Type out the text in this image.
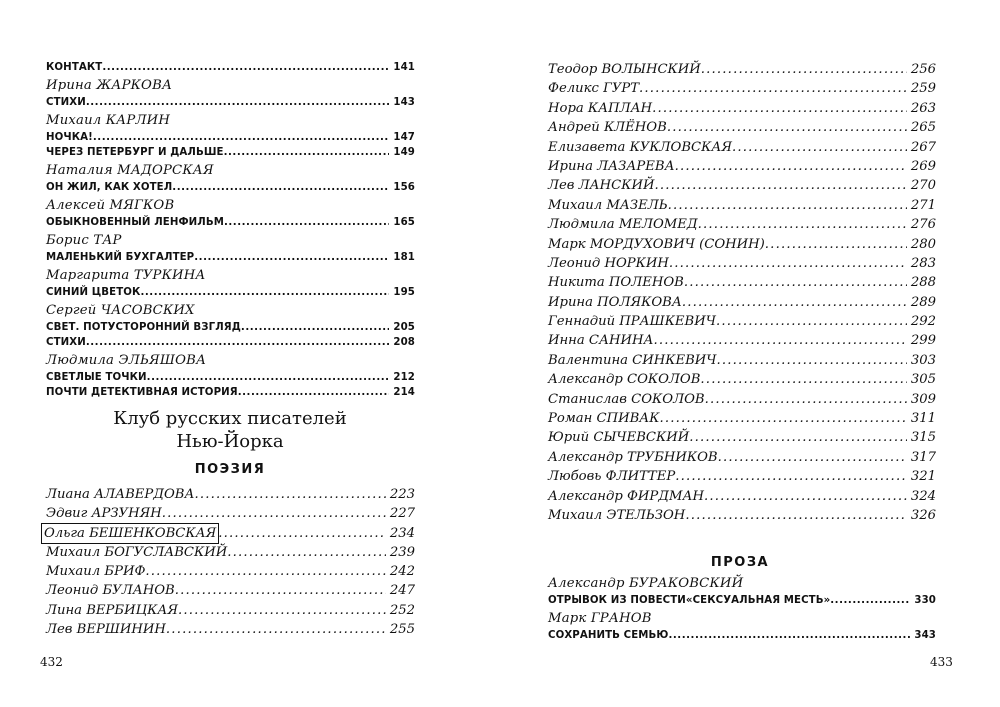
КОНТАКТ . . .	141
Ирина ЖАРКОВА
СТИХИ . . .	143
Михаил КАРЛИН
НОЧКА! . . .	147
ЧЕРЕЗ ПЕТЕРБУРГ И ДАЛЬШЕ . . .	149
Наталия МАДОРСКАЯ
ОН ЖИЛ, КАК ХОТЕЛ . . .	156
Алексей МЯГКОВ
ОБЫКНОВЕННЫЙ ЛЕНФИЛЬМ . . .	165
Борис ТАР
МАЛЕНЬКИЙ БУХГАЛТЕР . . .	181
Маргарита ТУРКИНА
СИНИЙ ЦВЕТОК . . .	195
Сергей ЧАСОВСКИХ
СВЕТ. ПОТУСТОРОННИЙ ВЗГЛЯД . . .	205
СТИХИ . . .	208
Людмила ЭЛЬЯШОВА
СВЕТЛЫЕ ТОЧКИ . . .	212
ПОЧТИ ДЕТЕКТИВНАЯ ИСТОРИЯ . . .	214
Клуб русских писателей
Нью-Йорка
ПОЭЗИЯ
Лиана АЛАВЕРДОВА . . .	223
Эдвиг АРЗУНЯН . . .	227
Ольга БЕШЕНКОВСКАЯ . . .	234
Михаил БОГУСЛАВСКИЙ . . .	239
Михаил БРИФ . . .	242
Леонид БУЛАНОВ . . .	247
Лина ВЕРБИЦКАЯ . . .	252
Лев ВЕРШИНИН . . .	255
432	433
Теодор ВОЛЫНСКИЙ . . .	256
Феликс ГУРТ . . .	259
Нора КАПЛАН . . .	263
Андрей КЛЁНОВ . . .	265
Елизавета КУКЛОВСКАЯ . . .	267
Ирина ЛАЗАРЕВА . . .	269
Лев ЛАНСКИЙ . . .	270
Михаил МАЗЕЛЬ . . .	271
Людмила МЕЛОМЕД . . .	276
Марк МОРДУХОВИЧ (СОНИН) . . .	280
Леонид НОРКИН . . .	283
Никита ПОЛЕНОВ . . .	288
Ирина ПОЛЯКОВА . . .	289
Геннадий ПРАШКЕВИЧ . . .	292
Инна САНИНА . . .	299
Валентина СИНКЕВИЧ . . .	303
Александр СОКОЛОВ . . .	305
Станислав СОКОЛОВ . . .	309
Роман СПИВАК . . .	311
Юрий СЫЧЕВСКИЙ . . .	315
Александр ТРУБНИКОВ . . .	317
Любовь ФЛИТТЕР . . .	321
Александр ФИРДМАН . . .	324
Михаил ЭТЕЛЬЗОН . . .	326
ПРОЗА
Александр БУРАКОВСКИЙ
ОТРЫВОК ИЗ ПОВЕСТИ«СЕКСУАЛЬНАЯ МЕСТЬ» . . .	330
Марк ГРАНОВ
СОХРАНИТЬ СЕМЬЮ . . .	343
